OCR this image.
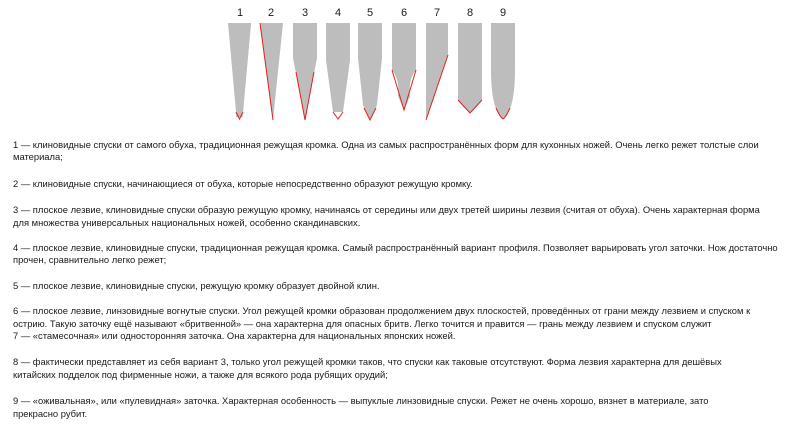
1 2	3 4 5	6 7 8 9
1 — клиновидные спуски от самого обуха, традиционная режущая кромка. Одна из самых распространённых форм для кухонных ножей. Очень легко режет толстые слои
материала;
2 — клиновидные спуски, начинающиеся от обуха, которые непосредственно образуют режущую кромку.
3 — плоское лезвие, клиновидные спуски образую режущую кромку, начинаясь от середины или двух третей ширины лезвия (считая от обуха). Очень характерная форма
для множества универсальных национальных ножей, особенно скандинавских.
4 — плоское лезвие, клиновидные спуски, традиционная режущая кромка. Самый распространённый вариант профиля. Позволяет варьировать угол заточки. Нож достаточно
прочен, сравнительно легко режет;
5 — плоское лезвие, клиновидные спуски, режущую кромку образует двойной клин.
6 — плоское лезвие, линзовидные вогнутые спуски. Угол режущей кромки образован продолжением двух плоскостей, проведённых от грани между лезвием и спуском к
острию. Такую заточку ещё называют «бритвенной» — она характерна для опасных бритв. Легко точится и правится — грань между лезвием и спуском служит
7 — «стамесочная» или односторонняя заточка. Она характерна для национальных японских ножей.
8 — фактически представляет из себя вариант 3, только угол режущей кромки таков, что спуски как таковые отсутствуют. Форма лезвия характерна для дешёвых
китайских подделок под фирменные ножи, а также для всякого рода рубящих орудий;
9 — «оживальная», или «пулевидная» заточка. Характерная особенность — выпуклые линзовидные спуски. Режет не очень хорошо, вязнет в материале, зато
прекрасно рубит.
